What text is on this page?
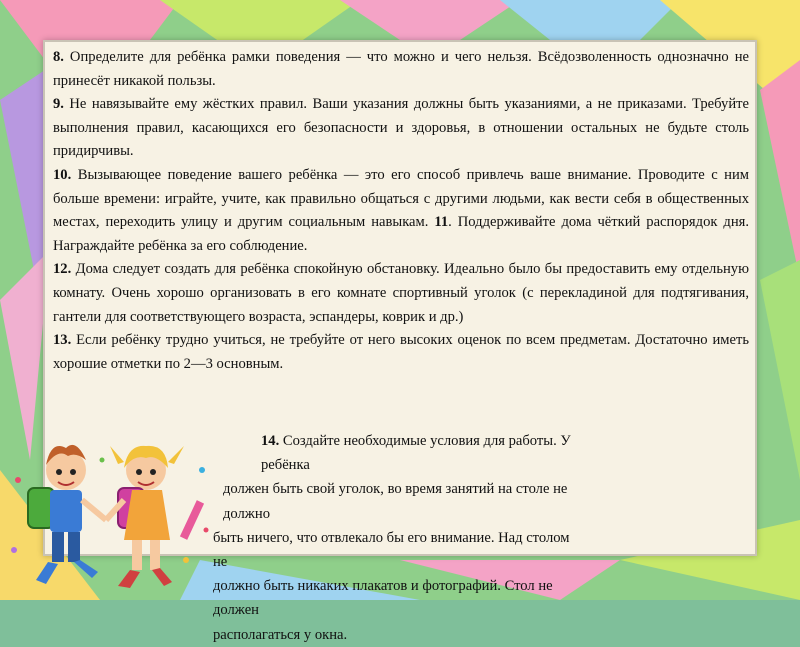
8. Определите для ребёнка рамки поведения — что можно и чего нельзя. Всёдозволенность однозначно не принесёт никакой пользы.

9. Не навязывайте ему жёстких правил. Ваши указания должны быть указаниями, а не приказами. Требуйте выполнения правил, касающихся его безопасности и здоровья, в отношении остальных не будьте столь придирчивы.

10. Вызывающее поведение вашего ребёнка — это его способ привлечь ваше внимание. Проводите с ним больше времени: играйте, учите, как правильно общаться с другими людьми, как вести себя в общественных местах, переходить улицу и другим социальным навыкам. 11. Поддерживайте дома чёткий распорядок дня. Награждайте ребёнка за его соблюдение.

12. Дома следует создать для ребёнка спокойную обстановку. Идеально было бы предоставить ему отдельную комнату. Очень хорошо организовать в его комнате спортивный уголок (с перекладиной для подтягивания, гантели для соответствующего возраста, эспандеры, коврик и др.)

13. Если ребёнку трудно учиться, не требуйте от него высоких оценок по всем предметам. Достаточно иметь хорошие отметки по 2—3 основным.

14. Создайте необходимые условия для работы. У ребёнка
должен быть свой уголок, во время занятий на столе не должно
быть ничего, что отвлекало бы его внимание. Над столом не
должно быть никаких плакатов и фотографий. Стол не должен
располагаться у окна.
